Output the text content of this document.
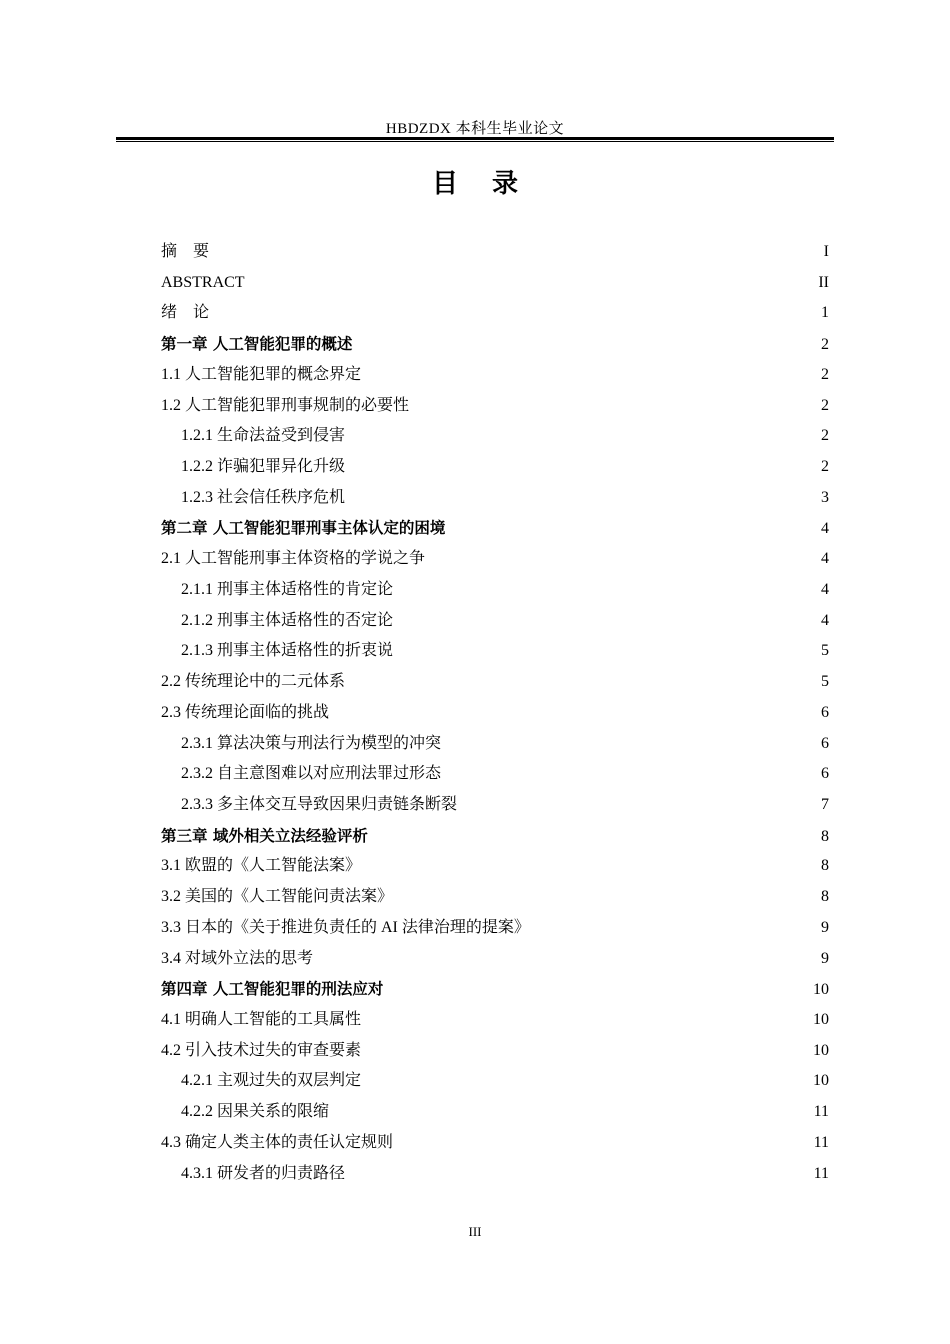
HBDZDX 本科生毕业论文
目录
摘　要	I
ABSTRACT	II
绪　论	1
第一章 人工智能犯罪的概述	2
1.1 人工智能犯罪的概念界定	2
1.2 人工智能犯罪刑事规制的必要性	2
1.2.1 生命法益受到侵害	2
1.2.2 诈骗犯罪异化升级	2
1.2.3 社会信任秩序危机	3
第二章 人工智能犯罪刑事主体认定的困境	4
2.1 人工智能刑事主体资格的学说之争	4
2.1.1 刑事主体适格性的肯定论	4
2.1.2 刑事主体适格性的否定论	4
2.1.3 刑事主体适格性的折衷说	5
2.2 传统理论中的二元体系	5
2.3 传统理论面临的挑战	6
2.3.1 算法决策与刑法行为模型的冲突	6
2.3.2 自主意图难以对应刑法罪过形态	6
2.3.3 多主体交互导致因果归责链条断裂	7
第三章 域外相关立法经验评析	8
3.1 欧盟的《人工智能法案》	8
3.2 美国的《人工智能问责法案》	8
3.3 日本的《关于推进负责任的 AI 法律治理的提案》	9
3.4 对域外立法的思考	9
第四章 人工智能犯罪的刑法应对	10
4.1 明确人工智能的工具属性	10
4.2 引入技术过失的审查要素	10
4.2.1 主观过失的双层判定	10
4.2.2 因果关系的限缩	11
4.3 确定人类主体的责任认定规则	11
4.3.1 研发者的归责路径	11
III
